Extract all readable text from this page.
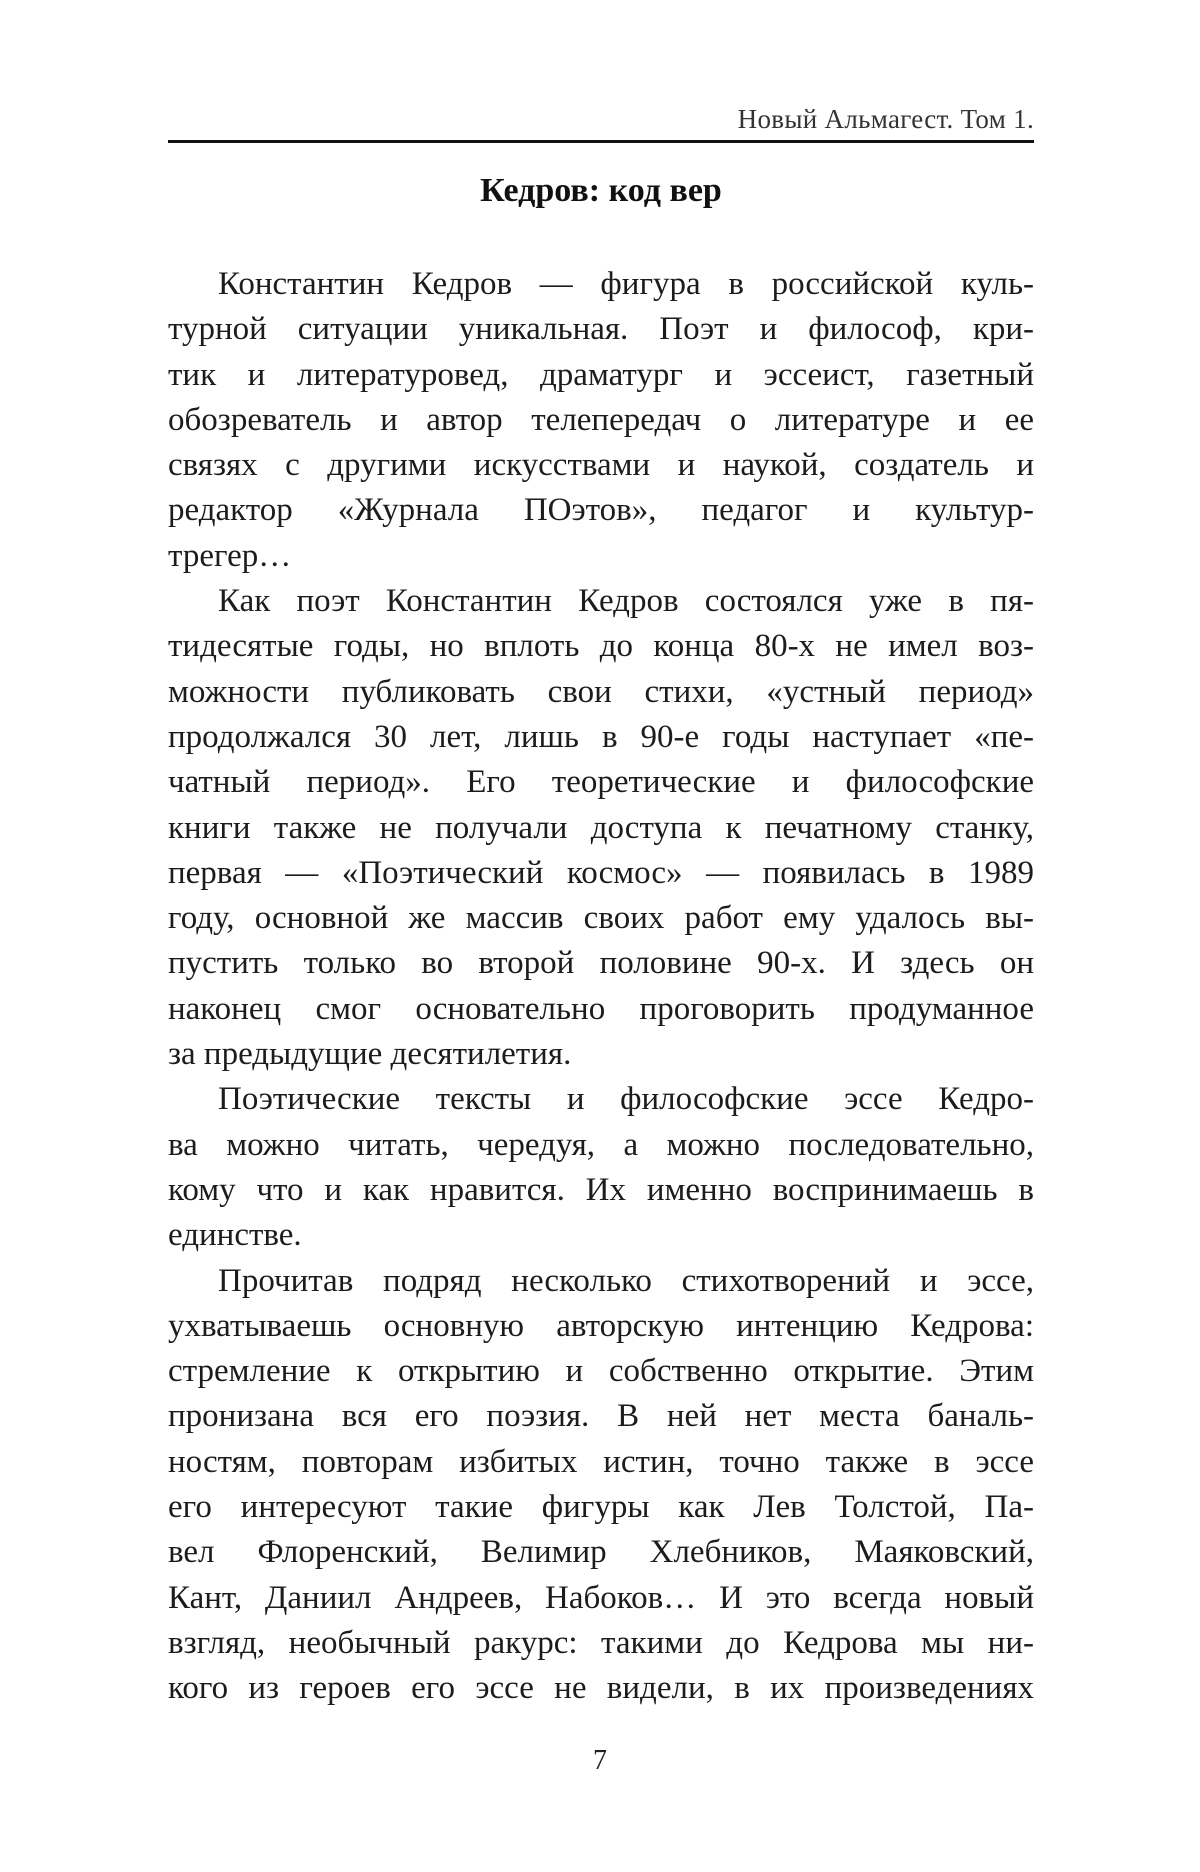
Новый Альмагест. Том 1.
Кедров: код вер
Константин Кедров — фигура в российской куль-
турной ситуации уникальная. Поэт и философ, кри-
тик и литературовед, драматург и эссеист, газетный
обозреватель и автор телепередач о литературе и ее
связях с другими искусствами и наукой, создатель и
редактор «Журнала ПОэтов», педагог и культур-
трегер…
Как поэт Константин Кедров состоялся уже в пя-
тидесятые годы, но вплоть до конца 80-х не имел воз-
можности публиковать свои стихи, «устный период»
продолжался 30 лет, лишь в 90-е годы наступает «пе-
чатный период». Его теоретические и философские
книги также не получали доступа к печатному станку,
первая — «Поэтический космос» — появилась в 1989
году, основной же массив своих работ ему удалось вы-
пустить только во второй половине 90-х. И здесь он
наконец смог основательно проговорить продуманное
за предыдущие десятилетия.
Поэтические тексты и философские эссе Кедро-
ва можно читать, чередуя, а можно последовательно,
кому что и как нравится. Их именно воспринимаешь в
единстве.
Прочитав подряд несколько стихотворений и эссе,
ухватываешь основную авторскую интенцию Кедрова:
стремление к открытию и собственно открытие. Этим
пронизана вся его поэзия. В ней нет места баналь-
ностям, повторам избитых истин, точно также в эссе
его интересуют такие фигуры как Лев Толстой, Па-
вел Флоренский, Велимир Хлебников, Маяковский,
Кант, Даниил Андреев, Набоков… И это всегда новый
взгляд, необычный ракурс: такими до Кедрова мы ни-
кого из героев его эссе не видели, в их произведениях
7
